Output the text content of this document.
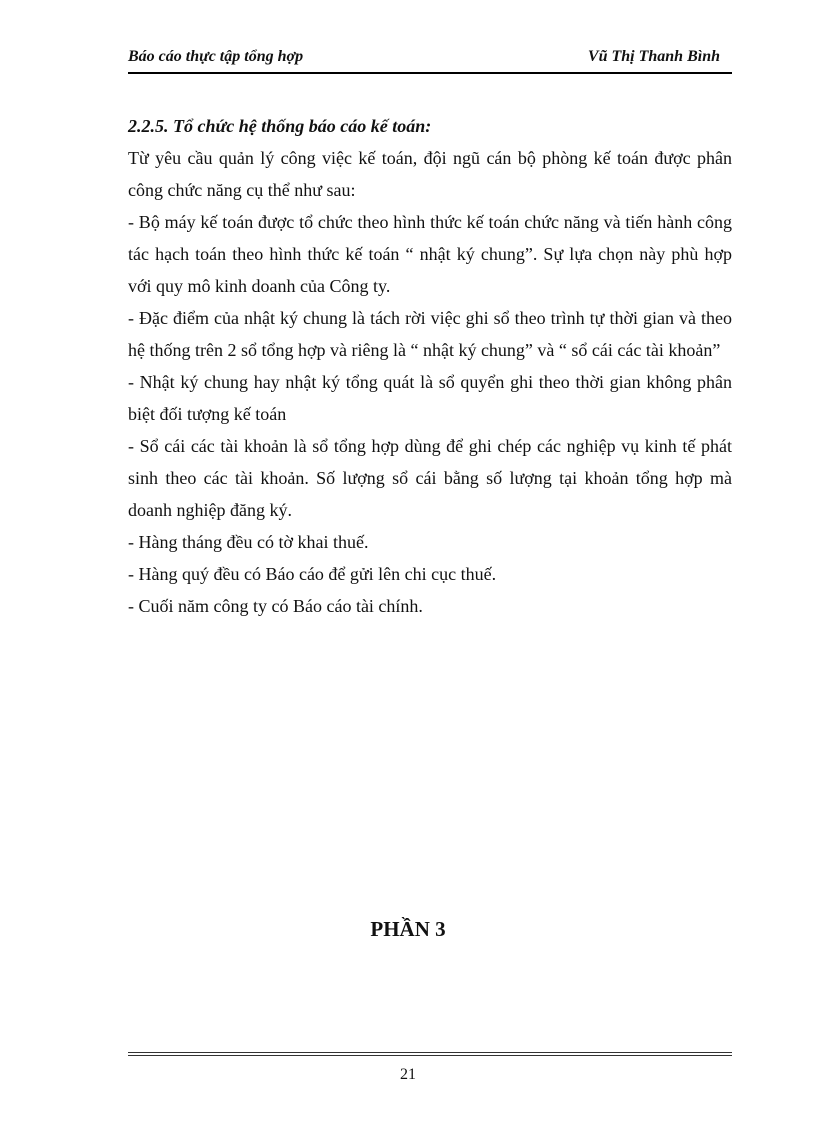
Báo cáo thực tập tổng hợp	Vũ Thị Thanh Bình
2.2.5. Tổ chức hệ thống báo cáo kế toán:
Từ yêu cầu quản lý công việc kế toán, đội ngũ cán bộ phòng kế toán được phân công chức năng cụ thể như sau:
- Bộ máy kế toán được tổ chức theo hình thức kế toán chức năng và tiến hành công tác hạch toán theo hình thức kế toán “ nhật ký chung”. Sự lựa chọn này phù hợp với quy mô kinh doanh của Công ty.
- Đặc điểm của nhật ký chung là tách rời việc ghi sổ theo trình tự thời gian và theo hệ thống trên 2 sổ tổng hợp và riêng là “ nhật ký chung” và “ sổ cái các tài khoản”
- Nhật ký chung hay nhật ký tổng quát là sổ quyển ghi theo thời gian không phân biệt đối tượng kế toán
- Sổ cái các tài khoản là sổ tổng hợp dùng để ghi chép các nghiệp vụ kinh tế phát sinh theo các tài khoản. Số lượng sổ cái bằng số lượng tại khoản tổng hợp mà doanh nghiệp đăng ký.
- Hàng tháng đều có tờ khai thuế.
- Hàng quý đều có Báo cáo để gửi lên chi cục thuế.
- Cuối năm công ty có Báo cáo tài chính.
PHẦN 3
21
